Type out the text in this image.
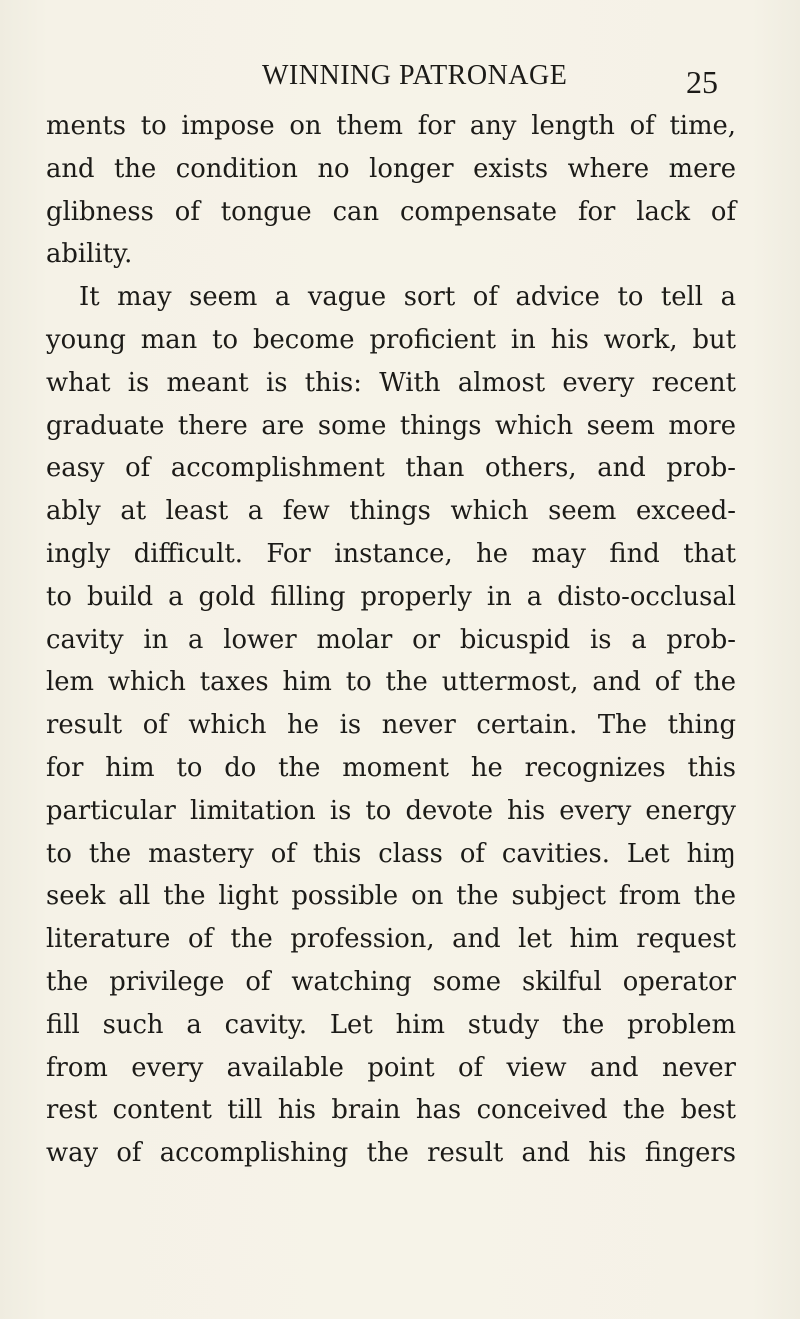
WINNING PATRONAGE	25
ments to impose on them for any length of time,
and the condition no longer exists where mere
glibness of tongue can compensate for lack of
ability.
It may seem a vague sort of advice to tell a
young man to become proficient in his work, but
what is meant is this: With almost every recent
graduate there are some things which seem more
easy of accomplishment than others, and prob-
ably at least a few things which seem exceed-
ingly difficult. For instance, he may find that
to build a gold filling properly in a disto-occlusal
cavity in a lower molar or bicuspid is a prob-
lem which taxes him to the uttermost, and of the
result of which he is never certain. The thing
for him to do the moment he recognizes this
particular limitation is to devote his every energy
to the mastery of this class of cavities. Let hiɱ
seek all the light possible on the subject from the
literature of the profession, and let him request
the privilege of watching some skilful operator
fill such a cavity. Let him study the problem
from every available point of view and never
rest content till his brain has conceived the best
way of accomplishing the result and his fingers
